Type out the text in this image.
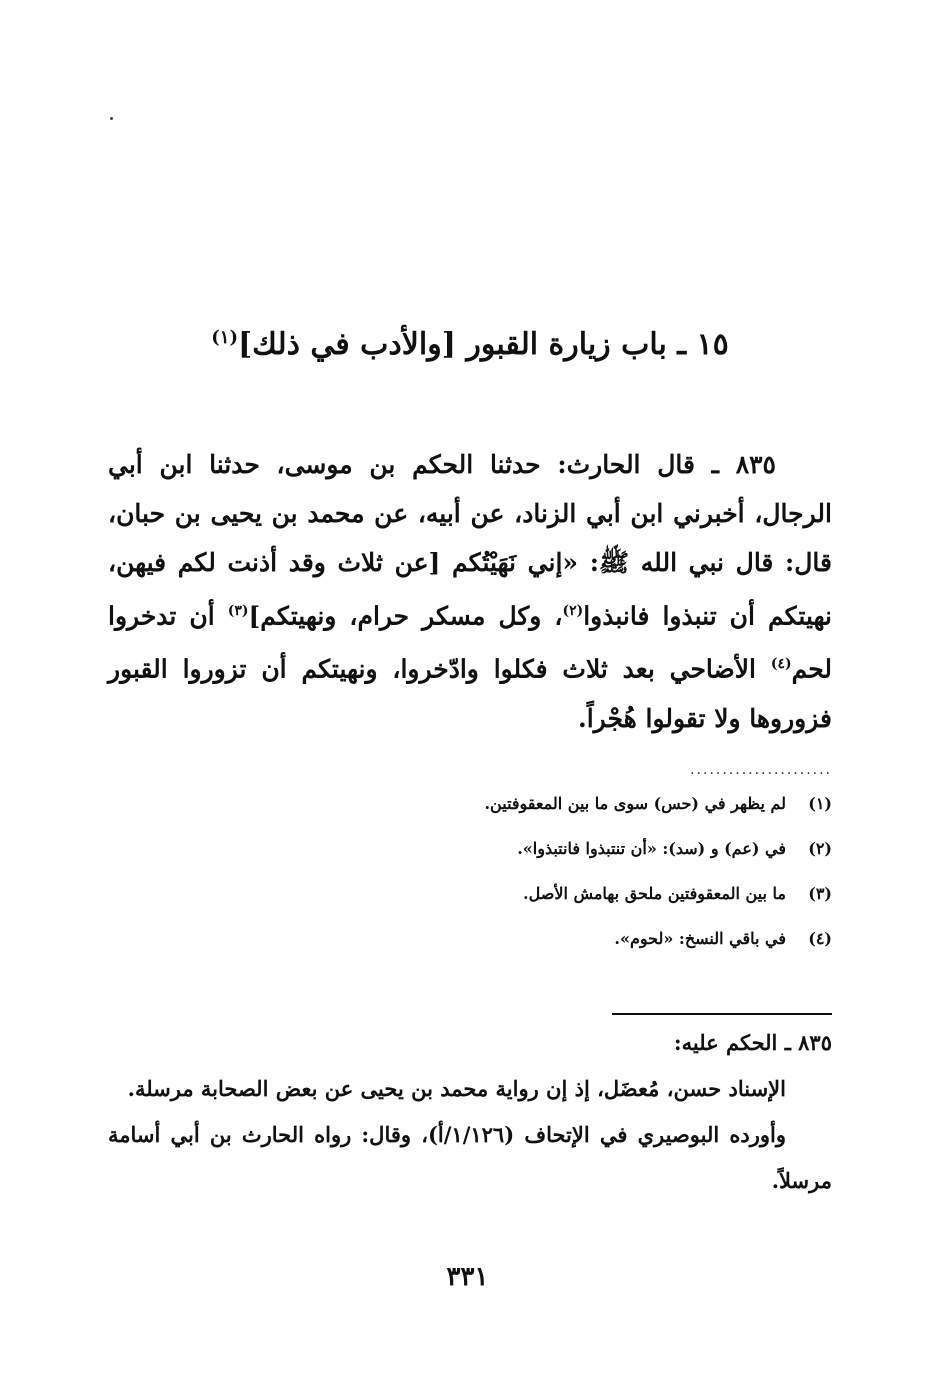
١٥ ـ باب زيارة القبور [والأدب في ذلك]$^{(١)}$

٨٣٥ ـ قال الحارث: حدثنا الحكم بن موسى، حدثنا ابن أبي الرجال، أخبرني ابن أبي الزناد، عن أبيه، عن محمد بن يحيى بن حبان، قال: قال نبي الله ﷺ: «إني نَهَيْتُكم [عن ثلاث وقد أذنت لكم فيهن، نهيتكم أن تنبذوا فانبذوا$^{(٢)}$، وكل مسكر حرام، ونهيتكم]$^{(٣)}$ أن تدخروا لحم$^{(٤)}$ الأضاحي بعد ثلاث فكلوا وادّخروا، ونهيتكم أن تزوروا القبور فزوروها ولا تقولوا هُجْراً.

......................
(١)
لم يظهر في (حس) سوى ما بين المعقوفتين.
(٢)
في (عم) و (سد): «أن تنتبذوا فانتبذوا».
(٣)
ما بين المعقوفتين ملحق بهامش الأصل.
(٤)
في باقي النسخ: «لحوم».

٨٣٥ ـ الحكم عليه:

الإسناد حسن، مُعضَل، إذ إن رواية محمد بن يحيى عن بعض الصحابة مرسلة.

وأورده البوصيري في الإتحاف (١/١٢٦/أ)، وقال: رواه الحارث بن أبي أسامة مرسلاً.

٣٣١
